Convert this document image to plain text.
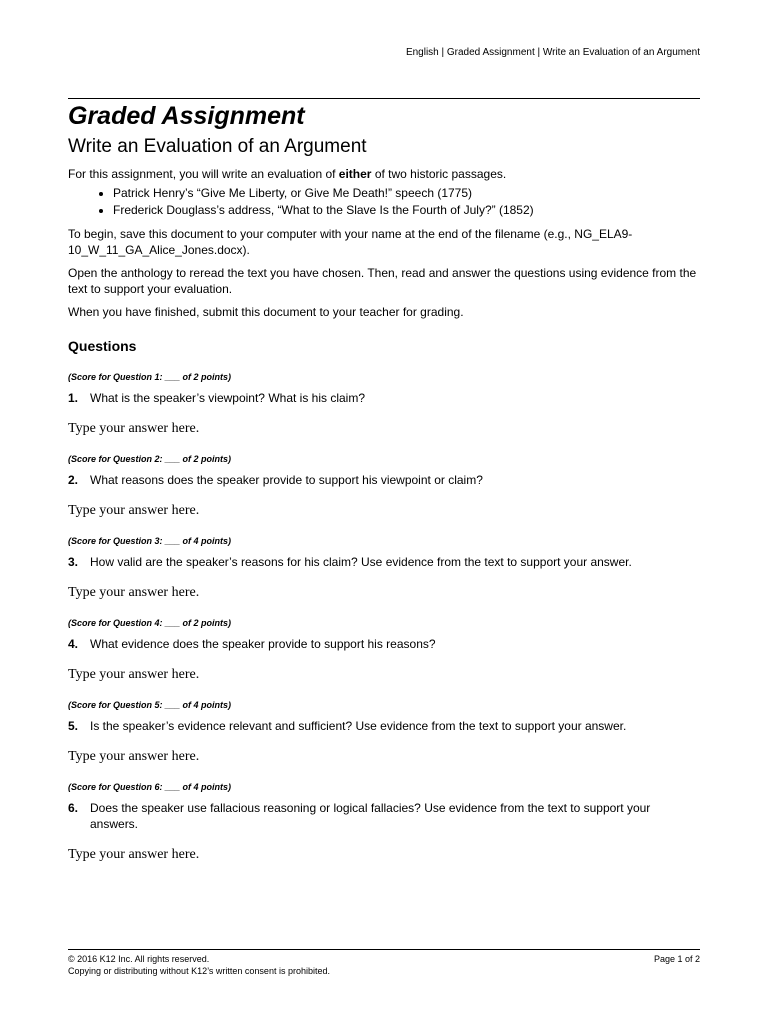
English | Graded Assignment | Write an Evaluation of an Argument
Graded Assignment
Write an Evaluation of an Argument

For this assignment, you will write an evaluation of either of two historic passages.

• Patrick Henry’s “Give Me Liberty, or Give Me Death!” speech (1775)
• Frederick Douglass’s address, “What to the Slave Is the Fourth of July?” (1852)

To begin, save this document to your computer with your name at the end of the filename (e.g., NG_ELA9-10_W_11_GA_Alice_Jones.docx).

Open the anthology to reread the text you have chosen. Then, read and answer the questions using evidence from the text to support your evaluation.

When you have finished, submit this document to your teacher for grading.

Questions
(Score for Question 1: ___ of 2 points)
1. What is the speaker’s viewpoint? What is his claim?
Type your answer here.
(Score for Question 2: ___ of 2 points)
2. What reasons does the speaker provide to support his viewpoint or claim?
Type your answer here.
(Score for Question 3: ___ of 4 points)
3. How valid are the speaker’s reasons for his claim? Use evidence from the text to support your answer.
Type your answer here.
(Score for Question 4: ___ of 2 points)
4. What evidence does the speaker provide to support his reasons?
Type your answer here.
(Score for Question 5: ___ of 4 points)
5. Is the speaker’s evidence relevant and sufficient? Use evidence from the text to support your answer.
Type your answer here.
(Score for Question 6: ___ of 4 points)
6. Does the speaker use fallacious reasoning or logical fallacies? Use evidence from the text to support your answers.
Type your answer here.
© 2016 K12 Inc. All rights reserved.
Copying or distributing without K12’s written consent is prohibited.
Page 1 of 2
